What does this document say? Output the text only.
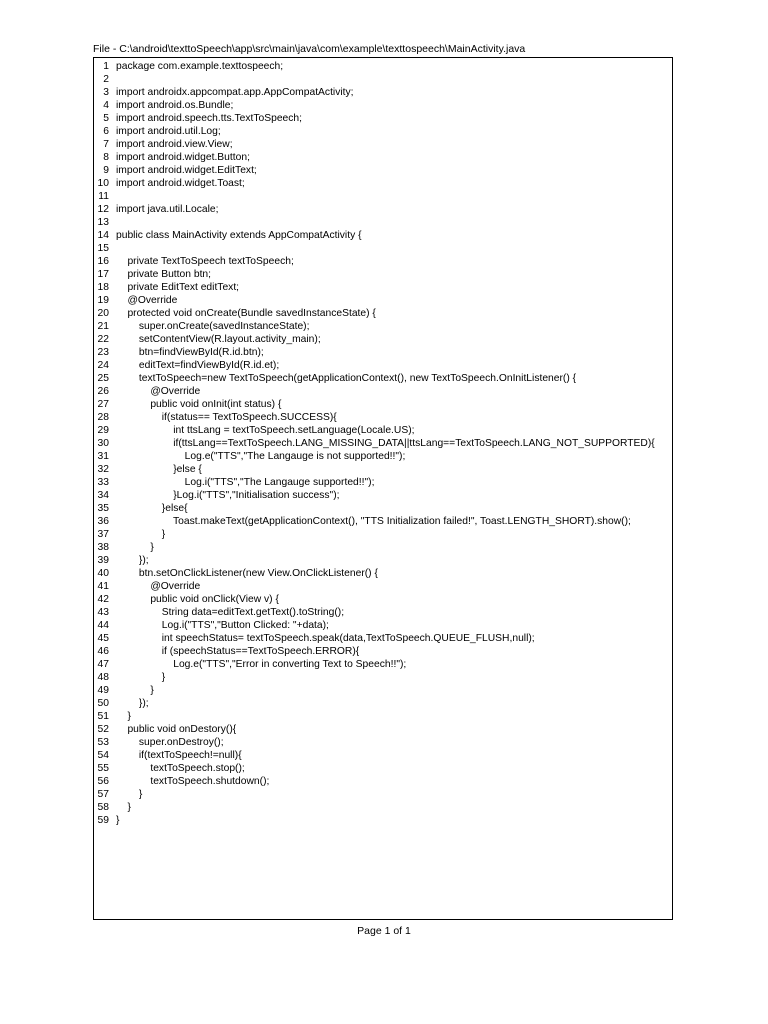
File - C:\android\texttoSpeech\app\src\main\java\com\example\texttospeech\MainActivity.java
1 package com.example.texttospeech;
2
3 import androidx.appcompat.app.AppCompatActivity;
4 import android.os.Bundle;
5 import android.speech.tts.TextToSpeech;
6 import android.util.Log;
7 import android.view.View;
8 import android.widget.Button;
9 import android.widget.EditText;
10 import android.widget.Toast;
11
12 import java.util.Locale;
13
14 public class MainActivity extends AppCompatActivity {
15
16 private TextToSpeech textToSpeech;
17 private Button btn;
18 private EditText editText;
19 @Override
20 protected void onCreate(Bundle savedInstanceState) {
21 super.onCreate(savedInstanceState);
22 setContentView(R.layout.activity_main);
23 btn=findViewById(R.id.btn);
24 editText=findViewById(R.id.et);
25 textToSpeech=new TextToSpeech(getApplicationContext(), new TextToSpeech.OnInitListener() {
26 @Override
27 public void onInit(int status) {
28 if(status== TextToSpeech.SUCCESS){
29 int ttsLang = textToSpeech.setLanguage(Locale.US);
30 if(ttsLang==TextToSpeech.LANG_MISSING_DATA||ttsLang==TextToSpeech.LANG_NOT_SUPPORTED){
31 Log.e("TTS","The Langauge is not supported!!");
32 }else {
33 Log.i("TTS","The Langauge supported!!");
34 }Log.i("TTS","Initialisation success");
35 }else{
36 Toast.makeText(getApplicationContext(), "TTS Initialization failed!", Toast.LENGTH_SHORT).show();
37 }
38 }
39 });
40 btn.setOnClickListener(new View.OnClickListener() {
41 @Override
42 public void onClick(View v) {
43 String data=editText.getText().toString();
44 Log.i("TTS","Button Clicked: "+data);
45 int speechStatus= textToSpeech.speak(data,TextToSpeech.QUEUE_FLUSH,null);
46 if (speechStatus==TextToSpeech.ERROR){
47 Log.e("TTS","Error in converting Text to Speech!!");
48 }
49 }
50 });
51 }
52 public void onDestory(){
53 super.onDestroy();
54 if(textToSpeech!=null){
55 textToSpeech.stop();
56 textToSpeech.shutdown();
57 }
58 }
59 }
Page 1 of 1
